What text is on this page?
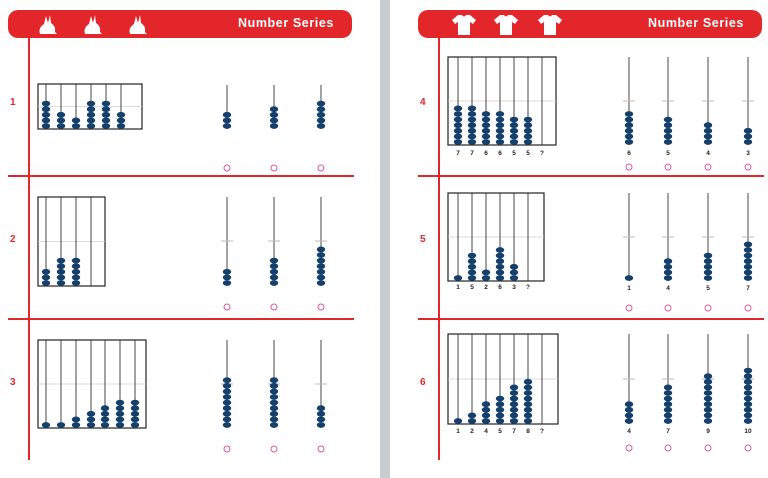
Number Series
1
2
3
Number Series
4
5
6
7 7 6 6 5 5 ?	6	5	4	3
1 5 2 6 3 ?	1	4	5	7
1 2 4 5 7 8 ?	4	7	9	10
